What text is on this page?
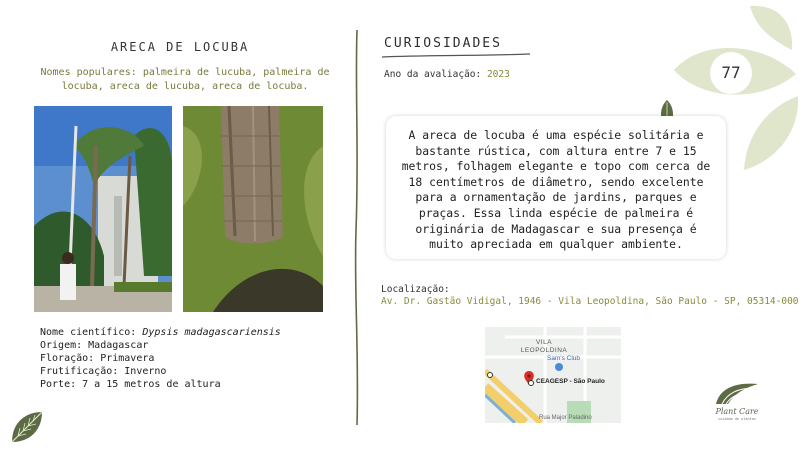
77
ARECA DE LOCUBA
Nomes populares: palmeira de lucuba, palmeira de locuba, areca de lucuba, areca de locuba.
Nome científico: Dypsis madagascariensis
Origem: Madagascar
Floração: Primavera
Frutificação: Inverno
Porte: 7 a 15 metros de altura
CURIOSIDADES
Ano da avaliação: 2023
A areca de locuba é uma espécie solitária e bastante rústica, com altura entre 7 e 15 metros, folhagem elegante e topo com cerca de 18 centímetros de diâmetro, sendo excelente para a ornamentação de jardins, parques e praças. Essa linda espécie de palmeira é originária de Madagascar e sua presença é muito apreciada em qualquer ambiente.
Localização:
Av. Dr. Gastão Vidigal, 1946 - Vila Leopoldina, São Paulo - SP, 05314-000
VILA LEOPOLDINA
Sam's Club
CEAGESP - São Paulo
Rua Major Paladino
Plant Care
cuidado de plantas
